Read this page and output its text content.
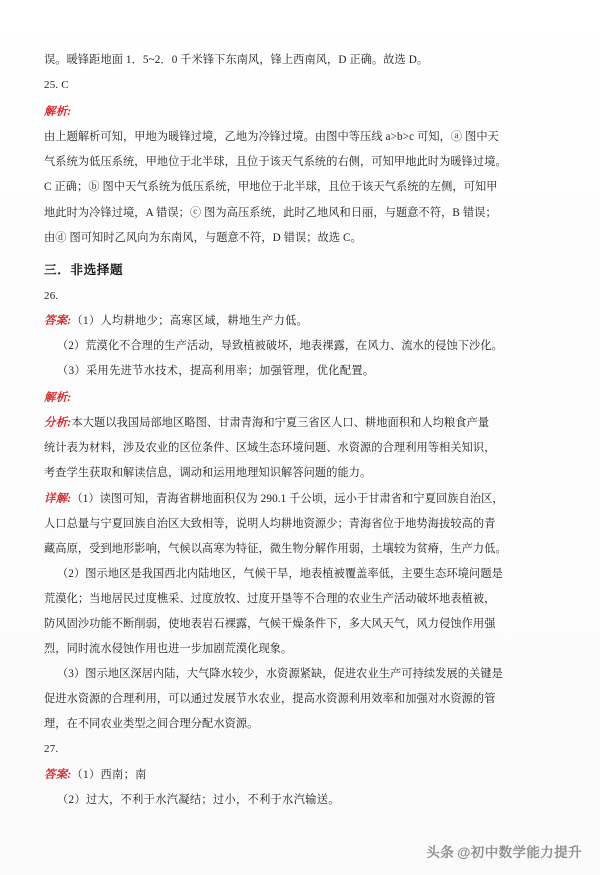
误。暖锋距地面 1．5~2．0 千米锋下东南风，锋上西南风，D 正确。故选 D。
25. C
解析:
由上题解析可知，甲地为暖锋过境，乙地为冷锋过境。由图中等压线 a>b>c 可知，ⓐ 图中天
气系统为低压系统，甲地位于北半球，且位于该天气系统的右侧，可知甲地此时为暖锋过境。
C 正确；ⓑ 图中天气系统为低压系统，甲地位于北半球，且位于该天气系统的左侧，可知甲
地此时为冷锋过境，A 错误；ⓒ 图为高压系统，此时乙地风和日丽，与题意不符，B 错误；
由ⓓ 图可知时乙风向为东南风，与题意不符，D 错误；故选 C。
三．非选择题
26.
答案:（1）人均耕地少；高寒区域，耕地生产力低。
（2）荒漠化不合理的生产活动，导致植被破坏，地表裸露，在风力、流水的侵蚀下沙化。
（3）采用先进节水技术，提高利用率；加强管理，优化配置。
解析:
分析:本大题以我国局部地区略图、甘肃青海和宁夏三省区人口、耕地面积和人均粮食产量
统计表为材料，涉及农业的区位条件、区域生态环境问题、水资源的合理利用等相关知识，
考查学生获取和解读信息，调动和运用地理知识解答问题的能力。
详解:（1）读图可知，青海省耕地面积仅为 290.1 千公顷，远小于甘肃省和宁夏回族自治区，
人口总量与宁夏回族自治区大致相等，说明人均耕地资源少；青海省位于地势海拔较高的青
藏高原，受到地形影响，气候以高寒为特征，微生物分解作用弱，土壤较为贫瘠，生产力低。
（2）图示地区是我国西北内陆地区，气候干旱，地表植被覆盖率低，主要生态环境问题是
荒漠化；当地居民过度樵采、过度放牧、过度开垦等不合理的农业生产活动破坏地表植被，
防风固沙功能不断削弱，使地表岩石裸露，气候干燥条件下，多大风天气，风力侵蚀作用强
烈，同时流水侵蚀作用也进一步加剧荒漠化现象。
（3）图示地区深居内陆，大气降水较少，水资源紧缺，促进农业生产可持续发展的关键是
促进水资源的合理利用，可以通过发展节水农业，提高水资源利用效率和加强对水资源的管
理，在不同农业类型之间合理分配水资源。
27.
答案:（1）西南；南
（2）过大，不利于水汽凝结；过小，不利于水汽输送。
头条 @初中数学能力提升
